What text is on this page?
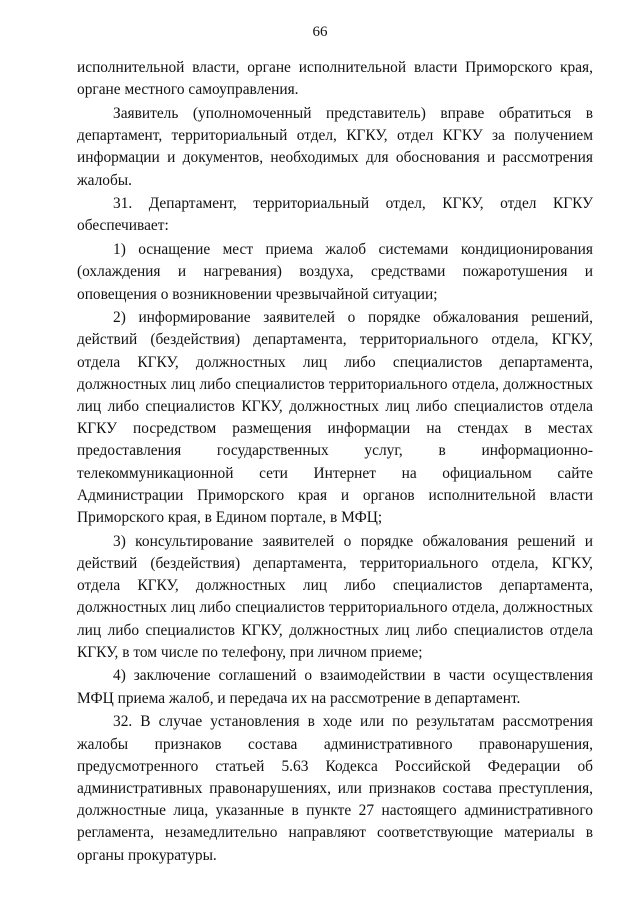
66

исполнительной власти, органе исполнительной власти Приморского края, органе местного самоуправления.

Заявитель (уполномоченный представитель) вправе обратиться в департамент, территориальный отдел, КГКУ, отдел КГКУ за получением информации и документов, необходимых для обоснования и рассмотрения жалобы.

31. Департамент, территориальный отдел, КГКУ, отдел КГКУ обеспечивает:

1) оснащение мест приема жалоб системами кондиционирования (охлаждения и нагревания) воздуха, средствами пожаротушения и оповещения о возникновении чрезвычайной ситуации;

2) информирование заявителей о порядке обжалования решений, действий (бездействия) департамента, территориального отдела, КГКУ, отдела КГКУ, должностных лиц либо специалистов департамента, должностных лиц либо специалистов территориального отдела, должностных лиц либо специалистов КГКУ, должностных лиц либо специалистов отдела КГКУ посредством размещения информации на стендах в местах предоставления государственных услуг, в информационно-телекоммуникационной сети Интернет на официальном сайте Администрации Приморского края и органов исполнительной власти Приморского края, в Едином портале, в МФЦ;

3) консультирование заявителей о порядке обжалования решений и действий (бездействия) департамента, территориального отдела, КГКУ, отдела КГКУ, должностных лиц либо специалистов департамента, должностных лиц либо специалистов территориального отдела, должностных лиц либо специалистов КГКУ, должностных лиц либо специалистов отдела КГКУ, в том числе по телефону, при личном приеме;

4) заключение соглашений о взаимодействии в части осуществления МФЦ приема жалоб, и передача их на рассмотрение в департамент.

32. В случае установления в ходе или по результатам рассмотрения жалобы признаков состава административного правонарушения, предусмотренного статьей 5.63 Кодекса Российской Федерации об административных правонарушениях, или признаков состава преступления, должностные лица, указанные в пункте 27 настоящего административного регламента, незамедлительно направляют соответствующие материалы в органы прокуратуры.
